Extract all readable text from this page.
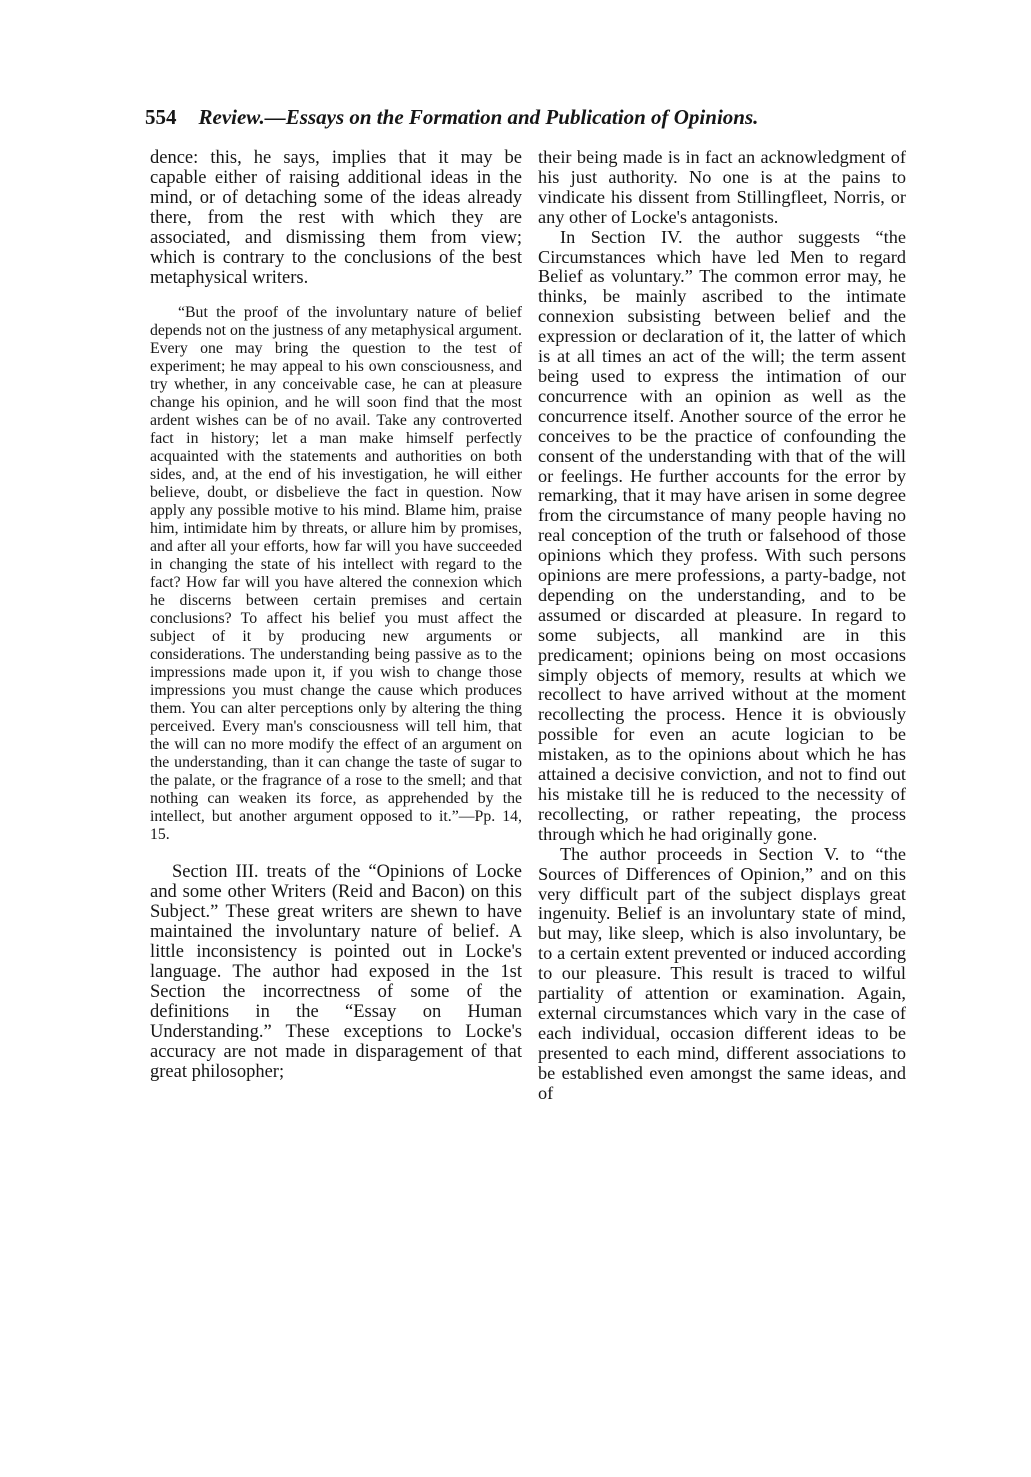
554 Review.—Essays on the Formation and Publication of Opinions.

dence: this, he says, implies that it may be capable either of raising additional ideas in the mind, or of detaching some of the ideas already there, from the rest with which they are associated, and dismissing them from view; which is contrary to the conclusions of the best metaphysical writers.

“But the proof of the involuntary nature of belief depends not on the justness of any metaphysical argument. Every one may bring the question to the test of experiment; he may appeal to his own consciousness, and try whether, in any conceivable case, he can at pleasure change his opinion, and he will soon find that the most ardent wishes can be of no avail. Take any controverted fact in history; let a man make himself perfectly acquainted with the statements and authorities on both sides, and, at the end of his investigation, he will either believe, doubt, or disbelieve the fact in question. Now apply any possible motive to his mind. Blame him, praise him, intimidate him by threats, or allure him by promises, and after all your efforts, how far will you have succeeded in changing the state of his intellect with regard to the fact? How far will you have altered the connexion which he discerns between certain premises and certain conclusions? To affect his belief you must affect the subject of it by producing new arguments or considerations. The understanding being passive as to the impressions made upon it, if you wish to change those impressions you must change the cause which produces them. You can alter perceptions only by altering the thing perceived. Every man's consciousness will tell him, that the will can no more modify the effect of an argument on the understanding, than it can change the taste of sugar to the palate, or the fragrance of a rose to the smell; and that nothing can weaken its force, as apprehended by the intellect, but another argument opposed to it.”—Pp. 14, 15.

Section III. treats of the “Opinions of Locke and some other Writers (Reid and Bacon) on this Subject.” These great writers are shewn to have maintained the involuntary nature of belief. A little inconsistency is pointed out in Locke's language. The author had exposed in the 1st Section the incorrectness of some of the definitions in the “Essay on Human Understanding.” These exceptions to Locke's accuracy are not made in disparagement of that great philosopher;

their being made is in fact an acknowledgment of his just authority. No one is at the pains to vindicate his dissent from Stillingfleet, Norris, or any other of Locke's antagonists.

In Section IV. the author suggests “the Circumstances which have led Men to regard Belief as voluntary.” The common error may, he thinks, be mainly ascribed to the intimate connexion subsisting between belief and the expression or declaration of it, the latter of which is at all times an act of the will; the term assent being used to express the intimation of our concurrence with an opinion as well as the concurrence itself. Another source of the error he conceives to be the practice of confounding the consent of the understanding with that of the will or feelings. He further accounts for the error by remarking, that it may have arisen in some degree from the circumstance of many people having no real conception of the truth or falsehood of those opinions which they profess. With such persons opinions are mere professions, a party-badge, not depending on the understanding, and to be assumed or discarded at pleasure. In regard to some subjects, all mankind are in this predicament; opinions being on most occasions simply objects of memory, results at which we recollect to have arrived without at the moment recollecting the process. Hence it is obviously possible for even an acute logician to be mistaken, as to the opinions about which he has attained a decisive conviction, and not to find out his mistake till he is reduced to the necessity of recollecting, or rather repeating, the process through which he had originally gone.

The author proceeds in Section V. to “the Sources of Differences of Opinion,” and on this very difficult part of the subject displays great ingenuity. Belief is an involuntary state of mind, but may, like sleep, which is also involuntary, be to a certain extent prevented or induced according to our pleasure. This result is traced to wilful partiality of attention or examination. Again, external circumstances which vary in the case of each individual, occasion different ideas to be presented to each mind, different associations to be established even amongst the same ideas, and of
